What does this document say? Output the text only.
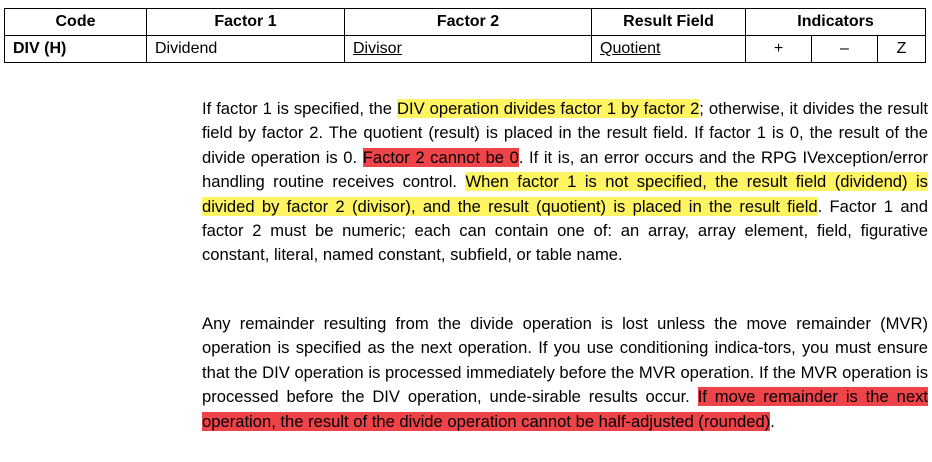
Code	Factor 1	Factor 2	Result Field	Indicators		
DIV (H)	Dividend	Divisor	Quotient	+	–	Z

If factor 1 is specified, the DIV operation divides factor 1 by factor 2; otherwise, it divides the result field by factor 2. The quotient (result) is placed in the result field. If factor 1 is 0, the result of the divide operation is 0. Factor 2 cannot be 0. If it is, an error occurs and the RPG IVexception/error handling routine receives control. When factor 1 is not specified, the result field (dividend) is divided by factor 2 (divisor), and the result (quotient) is placed in the result field. Factor 1 and factor 2 must be numeric; each can contain one of: an array, array element, field, figurative constant, literal, named constant, subfield, or table name.

Any remainder resulting from the divide operation is lost unless the move remainder (MVR) operation is specified as the next operation. If you use conditioning indica-tors, you must ensure that the DIV operation is processed immediately before the MVR operation. If the MVR operation is processed before the DIV operation, unde-sirable results occur. If move remainder is the next operation, the result of the divide operation cannot be half-adjusted (rounded).
